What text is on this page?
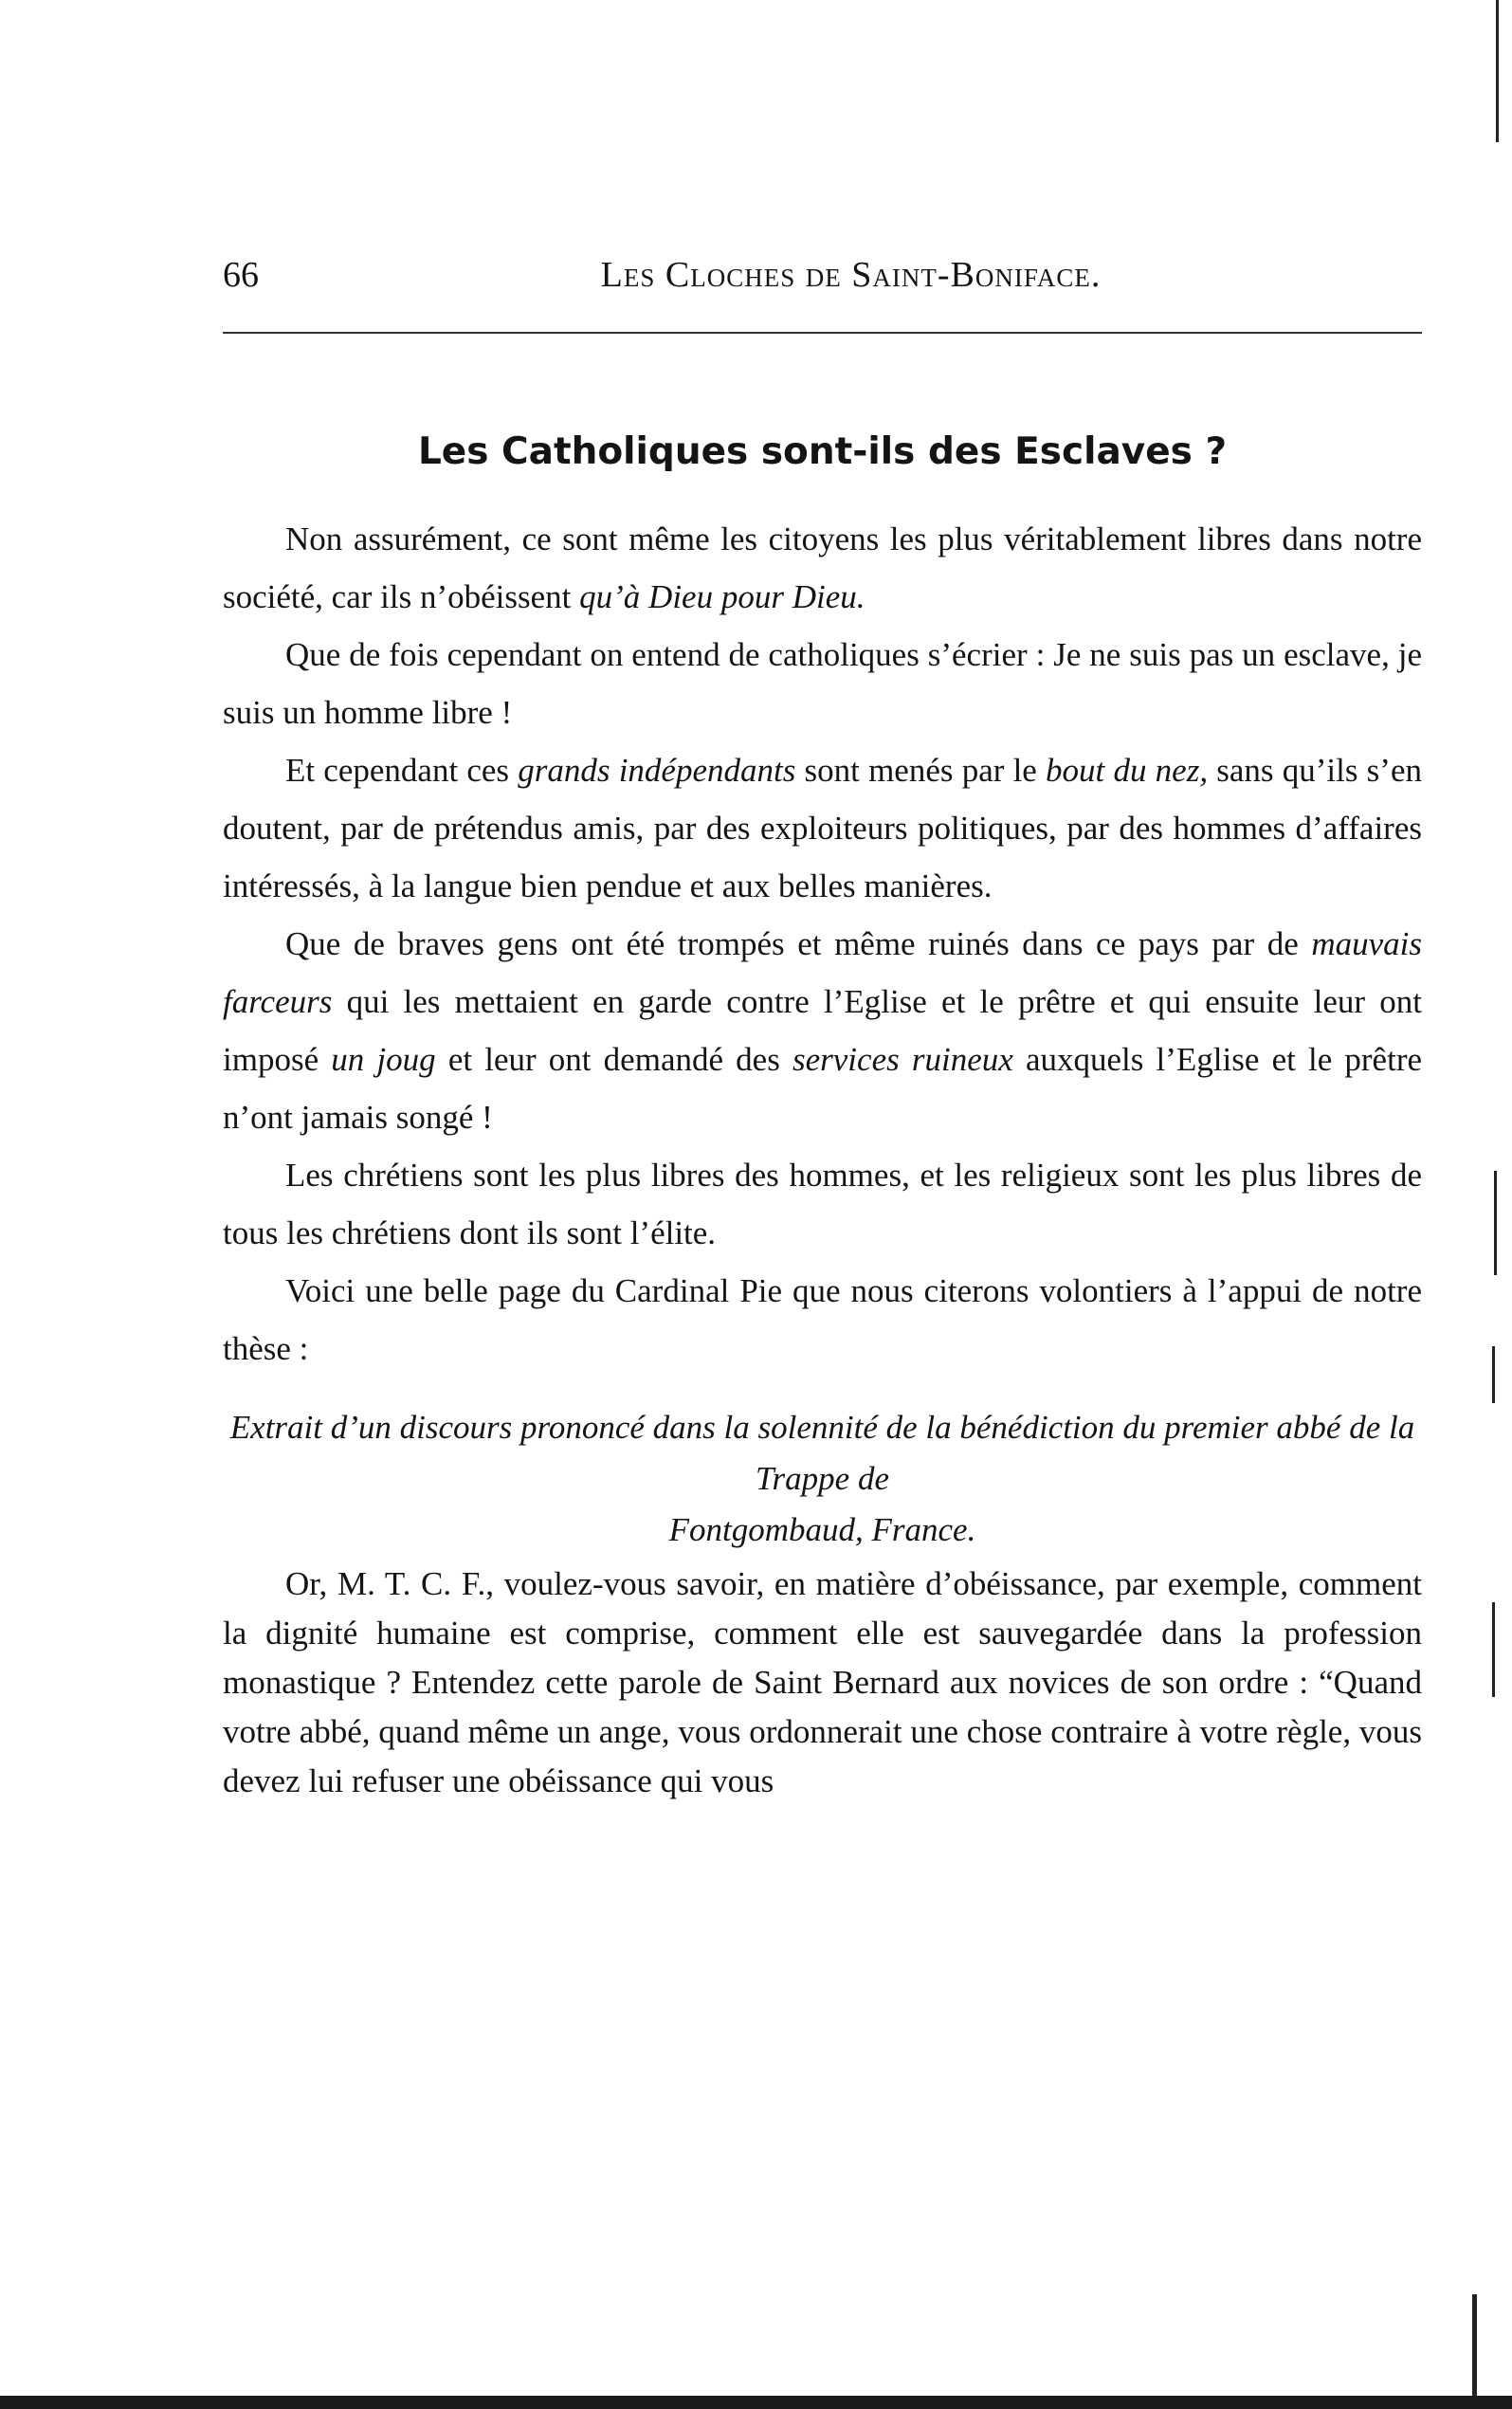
66	Les Cloches de Saint-Boniface.
Les Catholiques sont-ils des Esclaves ?

Non assurément, ce sont même les citoyens les plus véritablement libres dans notre société, car ils n’obéissent qu’à Dieu pour Dieu.

Que de fois cependant on entend de catholiques s’écrier : Je ne suis pas un esclave, je suis un homme libre !

Et cependant ces grands indépendants sont menés par le bout du nez, sans qu’ils s’en doutent, par de prétendus amis, par des exploiteurs politiques, par des hommes d’affaires intéressés, à la langue bien pendue et aux belles manières.

Que de braves gens ont été trompés et même ruinés dans ce pays par de mauvais farceurs qui les mettaient en garde contre l’Eglise et le prêtre et qui ensuite leur ont imposé un joug et leur ont demandé des services ruineux auxquels l’Eglise et le prêtre n’ont jamais songé !

Les chrétiens sont les plus libres des hommes, et les religieux sont les plus libres de tous les chrétiens dont ils sont l’élite.

Voici une belle page du Cardinal Pie que nous citerons volontiers à l’appui de notre thèse :

Extrait d’un discours prononcé dans la solennité de la bénédiction du premier abbé de la Trappe de
Fontgombaud, France.

Or, M. T. C. F., voulez-vous savoir, en matière d’obéissance, par exemple, comment la dignité humaine est comprise, comment elle est sauvegardée dans la profession monastique ? Entendez cette parole de Saint Bernard aux novices de son ordre : “Quand votre abbé, quand même un ange, vous ordonnerait une chose contraire à votre règle, vous devez lui refuser une obéissance qui vous
